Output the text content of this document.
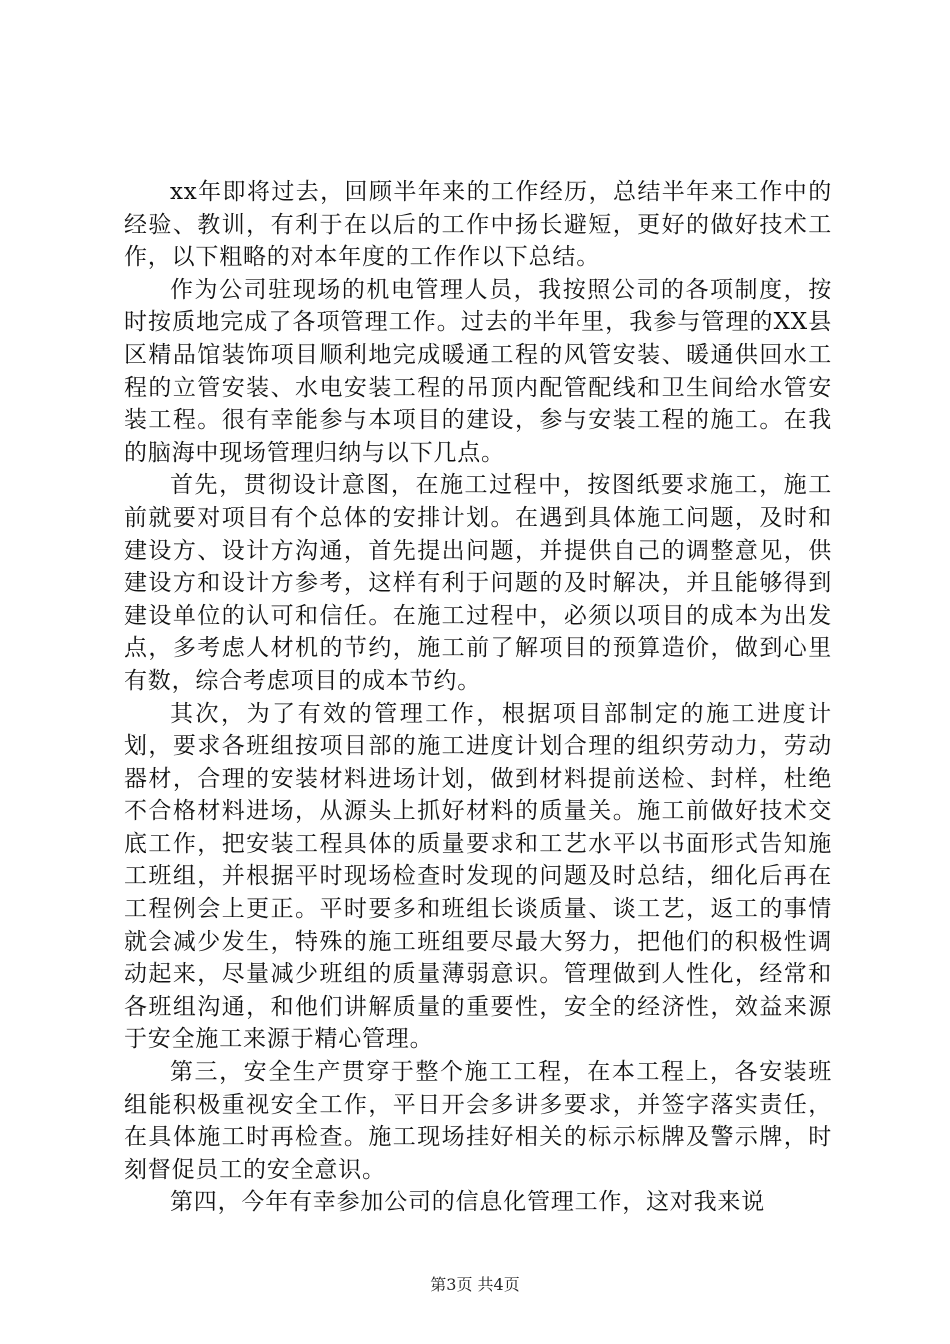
xx年即将过去，回顾半年来的工作经历，总结半年来工作中的经验、教训，有利于在以后的工作中扬长避短，更好的做好技术工作，以下粗略的对本年度的工作作以下总结。

作为公司驻现场的机电管理人员，我按照公司的各项制度，按时按质地完成了各项管理工作。过去的半年里，我参与管理的XX县区精品馆装饰项目顺利地完成暖通工程的风管安装、暖通供回水工程的立管安装、水电安装工程的吊顶内配管配线和卫生间给水管安装工程。很有幸能参与本项目的建设，参与安装工程的施工。在我的脑海中现场管理归纳与以下几点。

首先，贯彻设计意图，在施工过程中，按图纸要求施工，施工前就要对项目有个总体的安排计划。在遇到具体施工问题，及时和建设方、设计方沟通，首先提出问题，并提供自己的调整意见，供建设方和设计方参考，这样有利于问题的及时解决，并且能够得到建设单位的认可和信任。在施工过程中，必须以项目的成本为出发点，多考虑人材机的节约，施工前了解项目的预算造价，做到心里有数，综合考虑项目的成本节约。

其次，为了有效的管理工作，根据项目部制定的施工进度计划，要求各班组按项目部的施工进度计划合理的组织劳动力，劳动器材，合理的安装材料进场计划，做到材料提前送检、封样，杜绝不合格材料进场，从源头上抓好材料的质量关。施工前做好技术交底工作，把安装工程具体的质量要求和工艺水平以书面形式告知施工班组，并根据平时现场检查时发现的问题及时总结，细化后再在工程例会上更正。平时要多和班组长谈质量、谈工艺，返工的事情就会减少发生，特殊的施工班组要尽最大努力，把他们的积极性调动起来，尽量减少班组的质量薄弱意识。管理做到人性化，经常和各班组沟通，和他们讲解质量的重要性，安全的经济性，效益来源于安全施工来源于精心管理。

第三，安全生产贯穿于整个施工工程，在本工程上，各安装班组能积极重视安全工作，平日开会多讲多要求，并签字落实责任，在具体施工时再检查。施工现场挂好相关的标示标牌及警示牌，时刻督促员工的安全意识。

第四，今年有幸参加公司的信息化管理工作，这对我来说

第3页 共4页
